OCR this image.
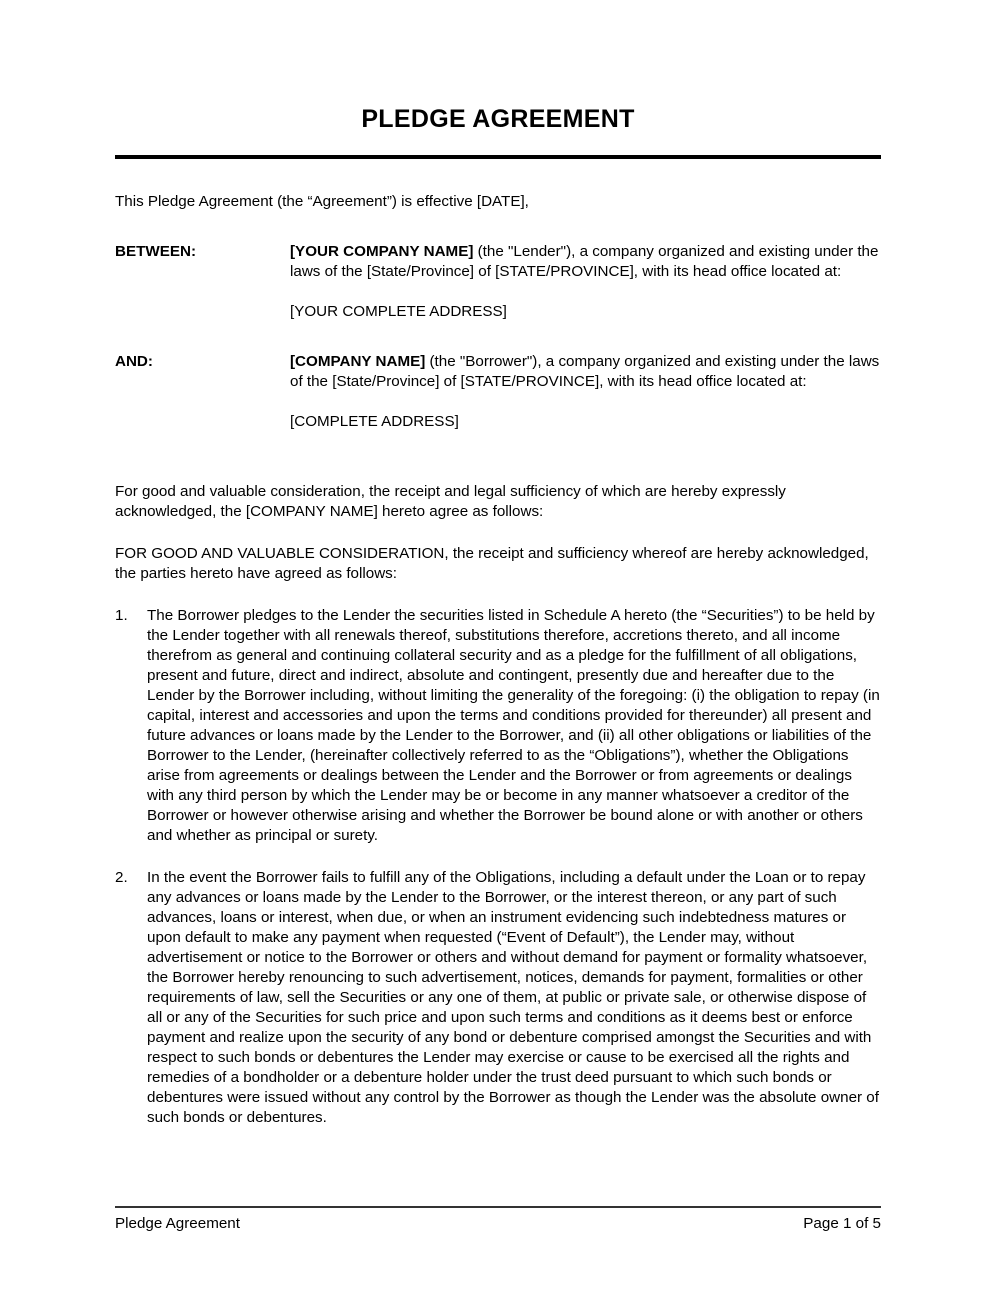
PLEDGE AGREEMENT

This Pledge Agreement (the “Agreement”) is effective [DATE],

BETWEEN:	[YOUR COMPANY NAME] (the "Lender"), a company organized and existing under the laws of the [State/Province] of [STATE/PROVINCE], with its head office located at:
[YOUR COMPLETE ADDRESS]
AND:	[COMPANY NAME] (the "Borrower"), a company organized and existing under the laws of the [State/Province] of [STATE/PROVINCE], with its head office located at:
[COMPLETE ADDRESS]

For good and valuable consideration, the receipt and legal sufficiency of which are hereby expressly acknowledged, the [COMPANY NAME] hereto agree as follows:

FOR GOOD AND VALUABLE CONSIDERATION, the receipt and sufficiency whereof are hereby acknowledged, the parties hereto have agreed as follows:

1.	The Borrower pledges to the Lender the securities listed in Schedule A hereto (the “Securities”) to be held by the Lender together with all renewals thereof, substitutions therefore, accretions thereto, and all income therefrom as general and continuing collateral security and as a pledge for the fulfillment of all obligations, present and future, direct and indirect, absolute and contingent, presently due and hereafter due to the Lender by the Borrower including, without limiting the generality of the foregoing: (i) the obligation to repay (in capital, interest and accessories and upon the terms and conditions provided for thereunder) all present and future advances or loans made by the Lender to the Borrower, and (ii) all other obligations or liabilities of the Borrower to the Lender, (hereinafter collectively referred to as the “Obligations”), whether the Obligations arise from agreements or dealings between the Lender and the Borrower or from agreements or dealings with any third person by which the Lender may be or become in any manner whatsoever a creditor of the Borrower or however otherwise arising and whether the Borrower be bound alone or with another or others and whether as principal or surety.
2.	In the event the Borrower fails to fulfill any of the Obligations, including a default under the Loan or to repay any advances or loans made by the Lender to the Borrower, or the interest thereon, or any part of such advances, loans or interest, when due, or when an instrument evidencing such indebtedness matures or upon default to make any payment when requested (“Event of Default”), the Lender may, without advertisement or notice to the Borrower or others and without demand for payment or formality whatsoever, the Borrower hereby renouncing to such advertisement, notices, demands for payment, formalities or other requirements of law, sell the Securities or any one of them, at public or private sale, or otherwise dispose of all or any of the Securities for such price and upon such terms and conditions as it deems best or enforce payment and realize upon the security of any bond or debenture comprised amongst the Securities and with respect to such bonds or debentures the Lender may exercise or cause to be exercised all the rights and remedies of a bondholder or a debenture holder under the trust deed pursuant to which such bonds or debentures were issued without any control by the Borrower as though the Lender was the absolute owner of such bonds or debentures.
Pledge Agreement	Page 1 of 5
